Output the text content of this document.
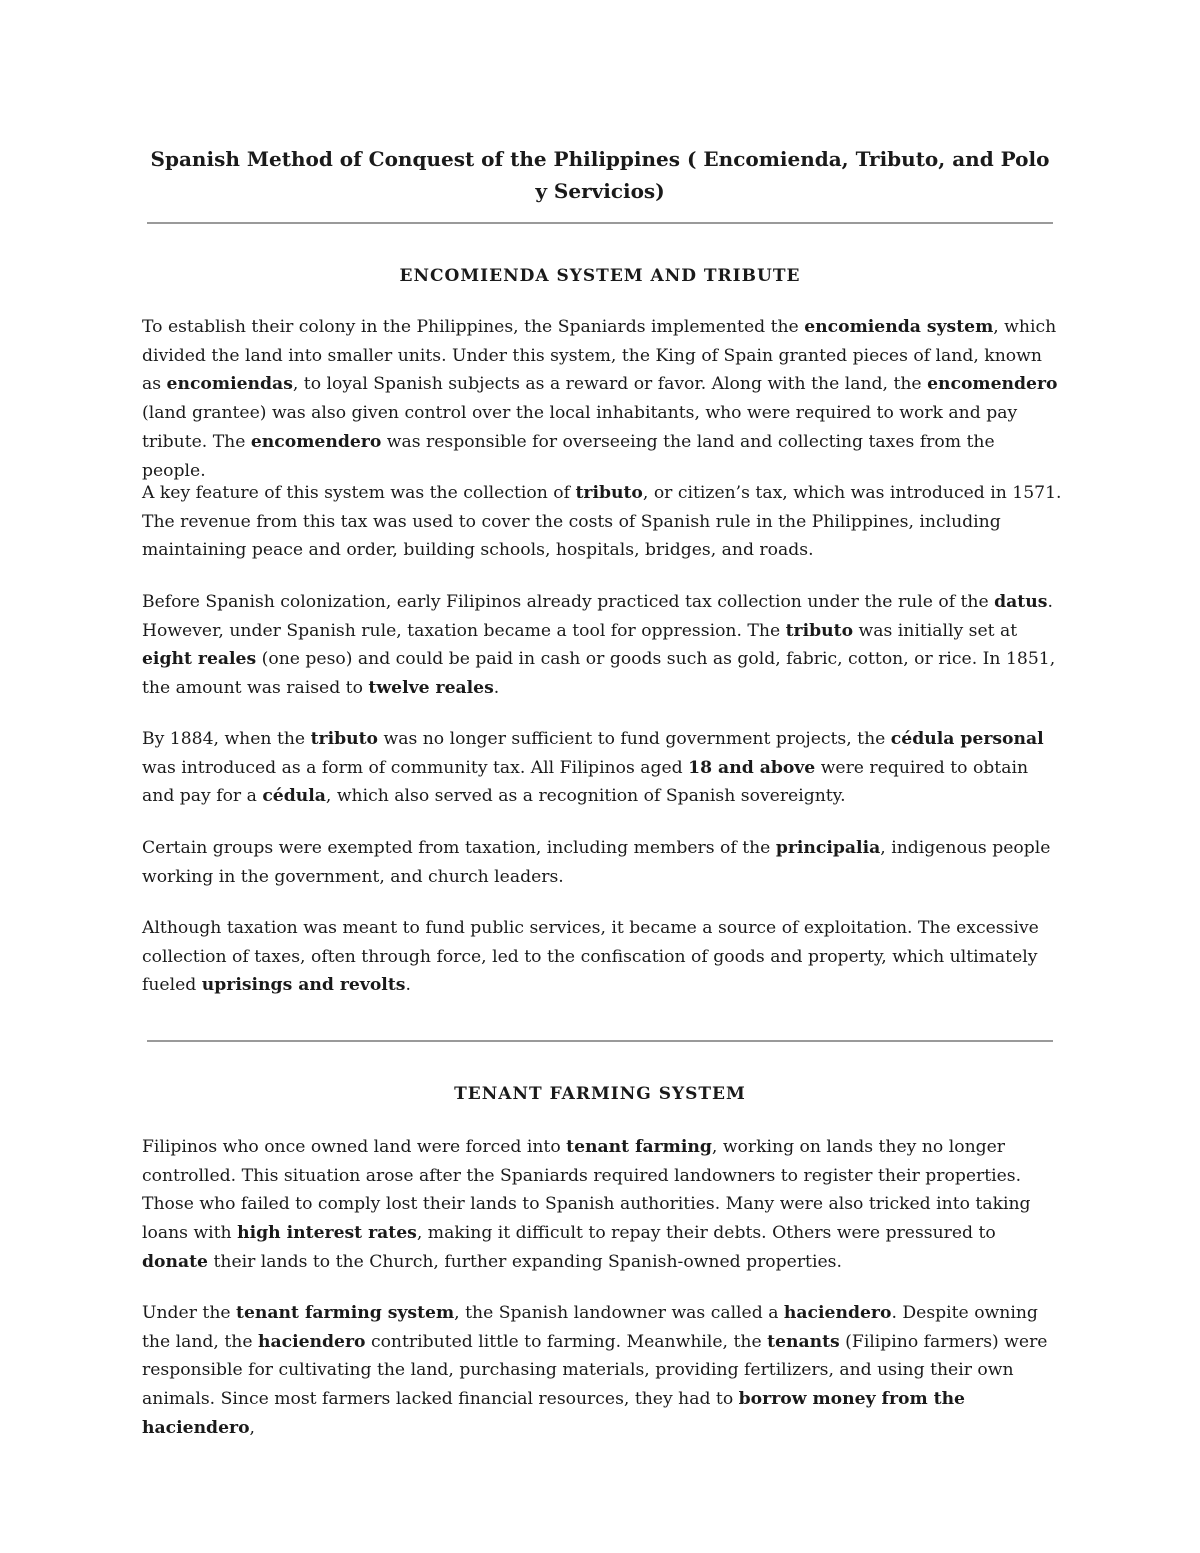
Spanish Method of Conquest of the Philippines ( Encomienda, Tributo, and Polo y Servicios)
ENCOMIENDA SYSTEM AND TRIBUTE

To establish their colony in the Philippines, the Spaniards implemented the encomienda system, which divided the land into smaller units. Under this system, the King of Spain granted pieces of land, known as encomiendas, to loyal Spanish subjects as a reward or favor. Along with the land, the encomendero (land grantee) was also given control over the local inhabitants, who were required to work and pay tribute. The encomendero was responsible for overseeing the land and collecting taxes from the people.

A key feature of this system was the collection of tributo, or citizen’s tax, which was introduced in 1571. The revenue from this tax was used to cover the costs of Spanish rule in the Philippines, including maintaining peace and order, building schools, hospitals, bridges, and roads.

Before Spanish colonization, early Filipinos already practiced tax collection under the rule of the datus. However, under Spanish rule, taxation became a tool for oppression. The tributo was initially set at eight reales (one peso) and could be paid in cash or goods such as gold, fabric, cotton, or rice. In 1851, the amount was raised to twelve reales.

By 1884, when the tributo was no longer sufficient to fund government projects, the cédula personal was introduced as a form of community tax. All Filipinos aged 18 and above were required to obtain and pay for a cédula, which also served as a recognition of Spanish sovereignty.

Certain groups were exempted from taxation, including members of the principalia, indigenous people working in the government, and church leaders.

Although taxation was meant to fund public services, it became a source of exploitation. The excessive collection of taxes, often through force, led to the confiscation of goods and property, which ultimately fueled uprisings and revolts.

TENANT FARMING SYSTEM

Filipinos who once owned land were forced into tenant farming, working on lands they no longer controlled. This situation arose after the Spaniards required landowners to register their properties. Those who failed to comply lost their lands to Spanish authorities. Many were also tricked into taking loans with high interest rates, making it difficult to repay their debts. Others were pressured to donate their lands to the Church, further expanding Spanish-owned properties.

Under the tenant farming system, the Spanish landowner was called a haciendero. Despite owning the land, the haciendero contributed little to farming. Meanwhile, the tenants (Filipino farmers) were responsible for cultivating the land, purchasing materials, providing fertilizers, and using their own animals. Since most farmers lacked financial resources, they had to borrow money from the haciendero,
